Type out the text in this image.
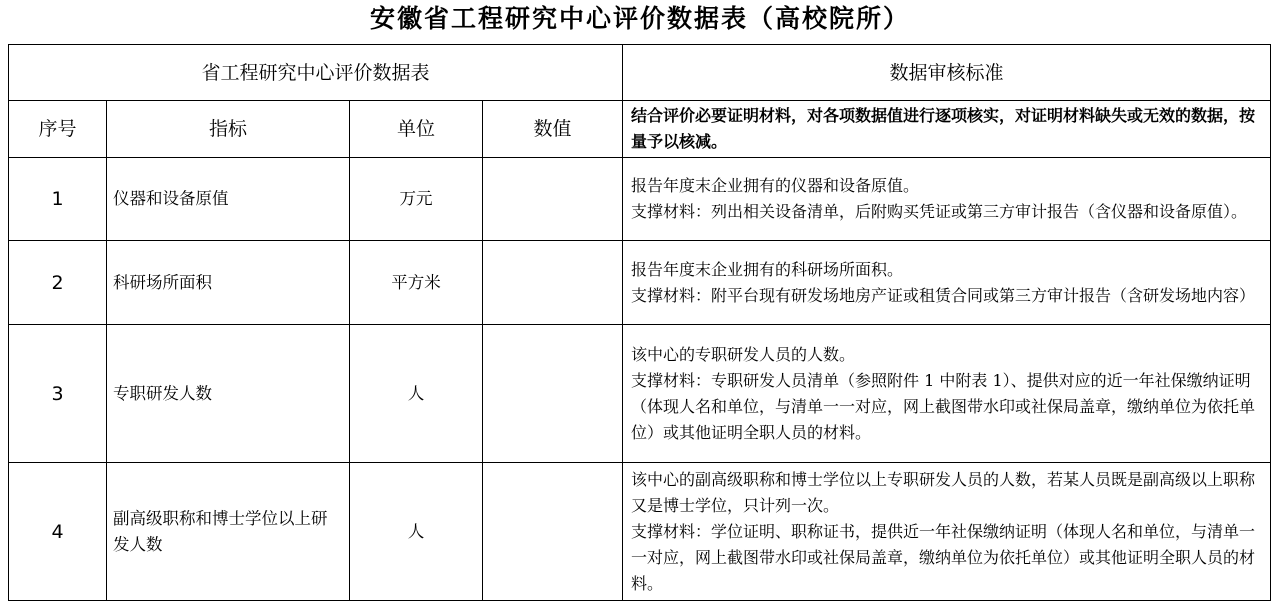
安徽省工程研究中心评价数据表（高校院所）
省工程研究中心评价数据表				数据审核标准
序号	指标	单位	数值	结合评价必要证明材料，对各项数据值进行逐项核实，对证明材料缺失或无效的数据，按量予以核减。
1	仪器和设备原值	万元		报告年度末企业拥有的仪器和设备原值。

支撑材料：列出相关设备清单，后附购买凭证或第三方审计报告（含仪器和设备原值）。

2	科研场所面积	平方米		报告年度末企业拥有的科研场所面积。

支撑材料：附平台现有研发场地房产证或租赁合同或第三方审计报告（含研发场地内容）

3	专职研发人数	人		该中心的专职研发人员的人数。

支撑材料：专职研发人员清单（参照附件 1 中附表 1）、提供对应的近一年社保缴纳证明（体现人名和单位，与清单一一对应，网上截图带水印或社保局盖章，缴纳单位为依托单位）或其他证明全职人员的材料。

4	副高级职称和博士学位以上研发人数	人		该中心的副高级职称和博士学位以上专职研发人员的人数，若某人员既是副高级以上职称又是博士学位，只计列一次。

支撑材料：学位证明、职称证书，提供近一年社保缴纳证明（体现人名和单位，与清单一一对应，网上截图带水印或社保局盖章，缴纳单位为依托单位）或其他证明全职人员的材料。
